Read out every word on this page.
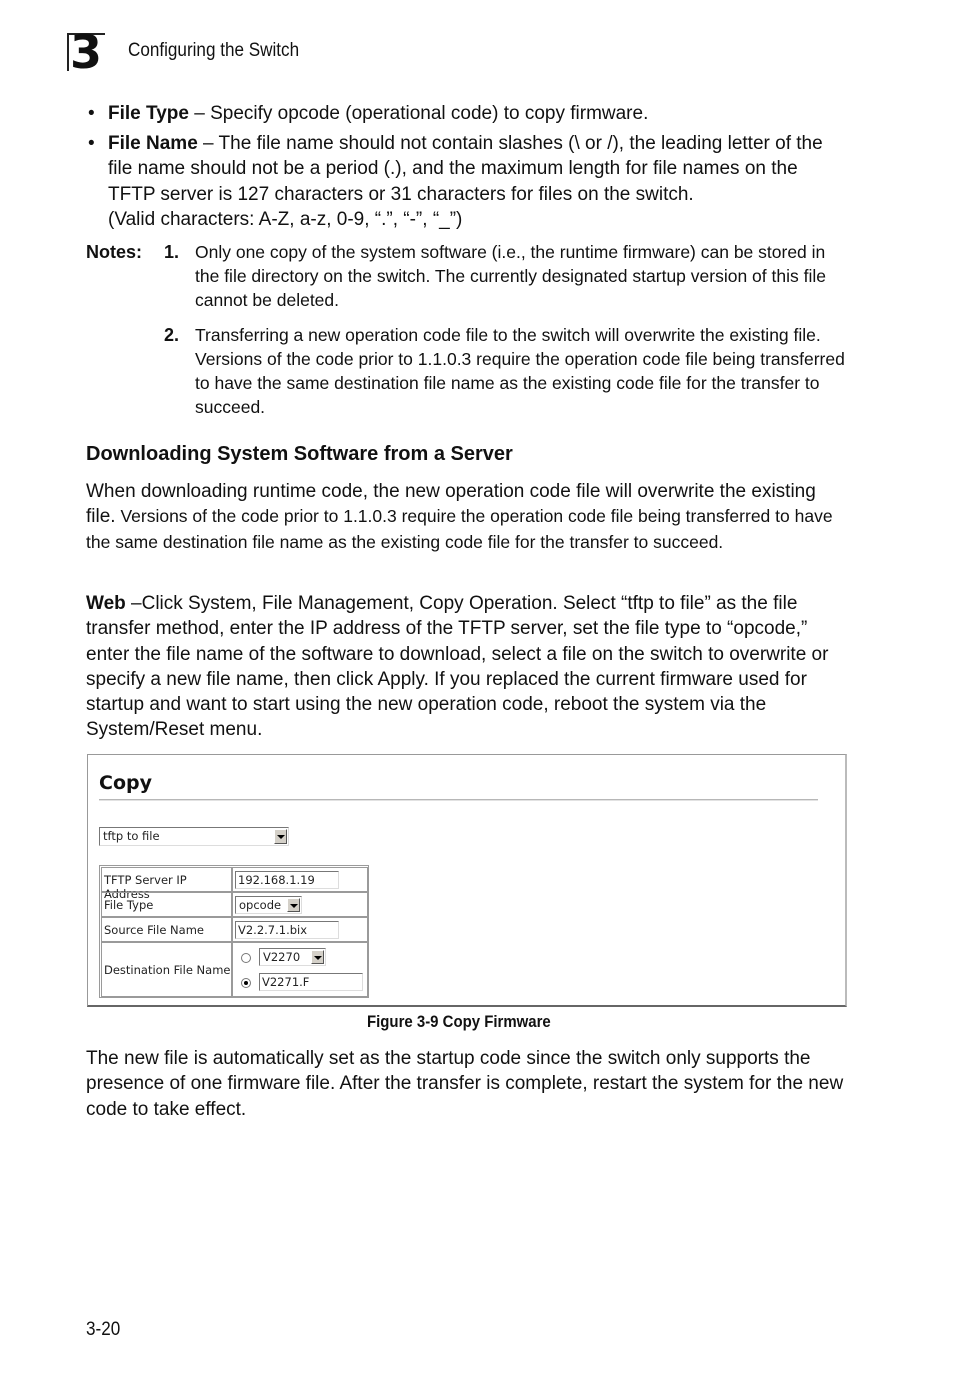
3 Configuring the Switch
• File Type – Specify opcode (operational code) to copy firmware.
• File Name – The file name should not contain slashes (\ or /), the leading letter of the file name should not be a period (.), and the maximum length for file names on the TFTP server is 127 characters or 31 characters for files on the switch.
(Valid characters: A-Z, a-z, 0-9, “.”, “-”, “_”)
Notes: 1. Only one copy of the system software (i.e., the runtime firmware) can be stored in the file directory on the switch. The currently designated startup version of this file cannot be deleted.
2. Transferring a new operation code file to the switch will overwrite the existing file. Versions of the code prior to 1.1.0.3 require the operation code file being transferred to have the same destination file name as the existing code file for the transfer to succeed.
Downloading System Software from a Server
When downloading runtime code, the new operation code file will overwrite the existing file. Versions of the code prior to 1.1.0.3 require the operation code file being transferred to have the same destination file name as the existing code file for the transfer to succeed.
Web –Click System, File Management, Copy Operation. Select “tftp to file” as the file transfer method, enter the IP address of the TFTP server, set the file type to “opcode,” enter the file name of the software to download, select a file on the switch to overwrite or specify a new file name, then click Apply. If you replaced the current firmware used for startup and want to start using the new operation code, reboot the system via the System/Reset menu.
Copy
tftp to file
TFTP Server IP Address
192.168.1.19
File Type	opcode
Source File Name	V2.2.7.1.bix
Destination File Name
V2270
V2271.F
Figure 3-9 Copy Firmware
The new file is automatically set as the startup code since the switch only supports the presence of one firmware file. After the transfer is complete, restart the system for the new code to take effect.
3-20
